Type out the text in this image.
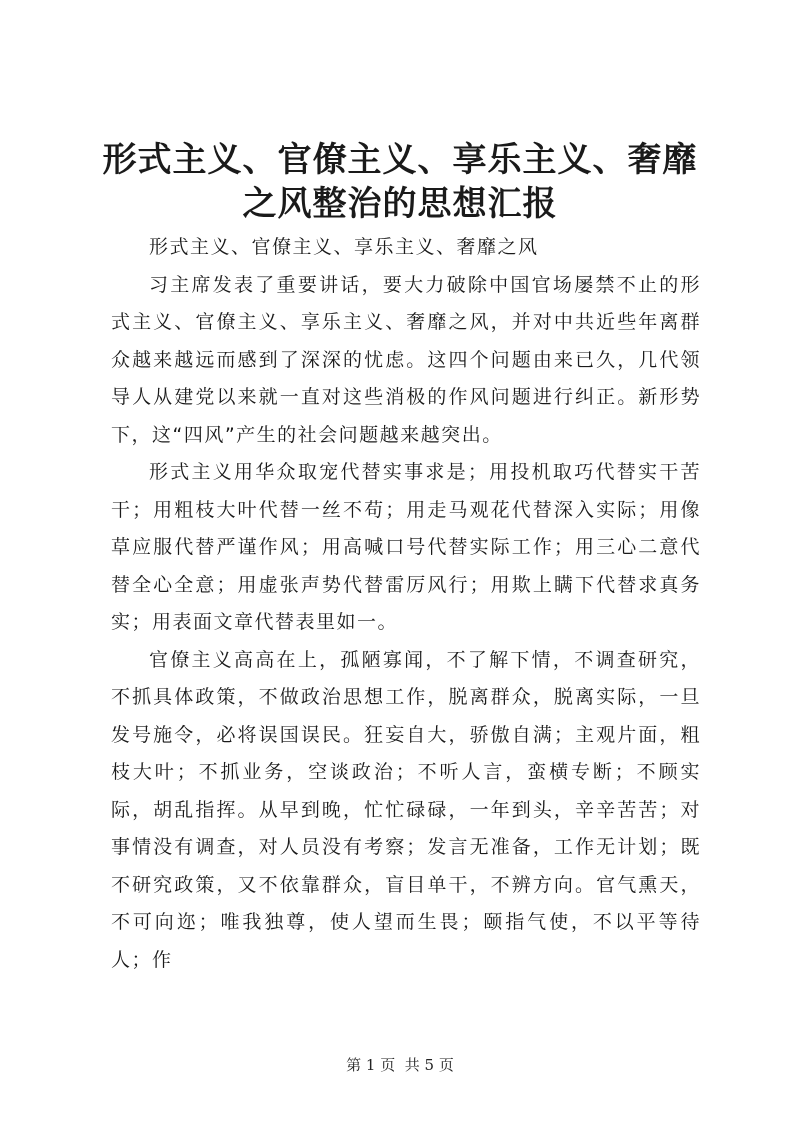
形式主义、官僚主义、享乐主义、奢靡之风整治的思想汇报

形式主义、官僚主义、享乐主义、奢靡之风

习主席发表了重要讲话，要大力破除中国官场屡禁不止的形式主义、官僚主义、享乐主义、奢靡之风，并对中共近些年离群众越来越远而感到了深深的忧虑。这四个问题由来已久，几代领导人从建党以来就一直对这些消极的作风问题进行纠正。新形势下，这“四风”产生的社会问题越来越突出。

形式主义用华众取宠代替实事求是；用投机取巧代替实干苦干；用粗枝大叶代替一丝不苟；用走马观花代替深入实际；用像草应服代替严谨作风；用高喊口号代替实际工作；用三心二意代替全心全意；用虚张声势代替雷厉风行；用欺上瞒下代替求真务实；用表面文章代替表里如一。

官僚主义高高在上，孤陋寡闻，不了解下情，不调查研究，不抓具体政策，不做政治思想工作，脱离群众，脱离实际，一旦发号施令，必将误国误民。狂妄自大，骄傲自满；主观片面，粗枝大叶；不抓业务，空谈政治；不听人言，蛮横专断；不顾实际，胡乱指挥。从早到晚，忙忙碌碌，一年到头，辛辛苦苦；对事情没有调查，对人员没有考察；发言无准备，工作无计划；既不研究政策，又不依靠群众，盲目单干，不辨方向。官气熏天，不可向迩；唯我独尊，使人望而生畏；颐指气使，不以平等待人；作

第 1 页  共 5 页
